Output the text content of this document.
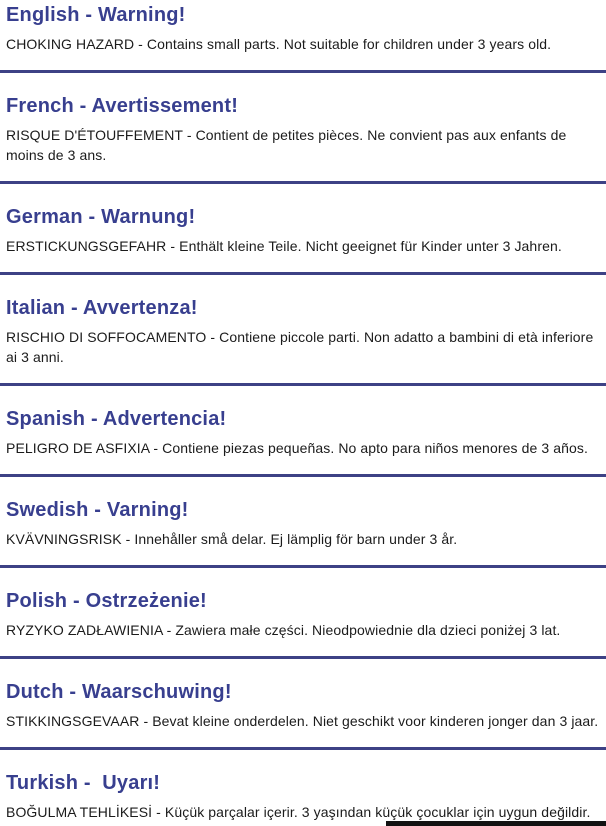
English - Warning!

CHOKING HAZARD - Contains small parts. Not suitable for children under 3 years old.

French - Avertissement!

RISQUE D'ÉTOUFFEMENT - Contient de petites pièces. Ne convient pas aux enfants de moins de 3 ans.

German - Warnung!

ERSTICKUNGSGEFAHR - Enthält kleine Teile. Nicht geeignet für Kinder unter 3 Jahren.

Italian - Avvertenza!

RISCHIO DI SOFFOCAMENTO - Contiene piccole parti. Non adatto a bambini di età inferiore ai 3 anni.

Spanish - Advertencia!

PELIGRO DE ASFIXIA - Contiene piezas pequeñas. No apto para niños menores de 3 años.

Swedish - Varning!

KVÄVNINGSRISK - Innehåller små delar. Ej lämplig för barn under 3 år.

Polish - Ostrzeżenie!

RYZYKO ZADŁAWIENIA - Zawiera małe części. Nieodpowiednie dla dzieci poniżej 3 lat.

Dutch - Waarschuwing!

STIKKINGSGEVAAR - Bevat kleine onderdelen. Niet geschikt voor kinderen jonger dan 3 jaar.

Turkish -  Uyarı!

BOĞULMA TEHLİKESİ - Küçük parçalar içerir. 3 yaşından küçük çocuklar için uygun değildir.
